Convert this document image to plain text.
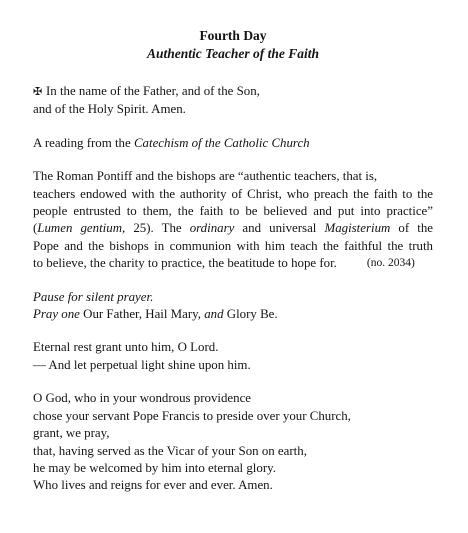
Fourth Day

Authentic Teacher of the Faith

✠ In the name of the Father, and of the Son,
and of the Holy Spirit. Amen.
A reading from the Catechism of the Catholic Church
The Roman Pontiff and the bishops are “authentic teachers, that is,
teachers endowed with the authority of Christ, who preach the faith to the
people entrusted to them, the faith to be believed and put into practice”
(Lumen gentium, 25). The ordinary and universal Magisterium of the
Pope and the bishops in communion with him teach the faithful the truth
to believe, the charity to practice, the beatitude to hope for.	(no. 2034)
Pause for silent prayer.
Pray one Our Father, Hail Mary, and Glory Be.
Eternal rest grant unto him, O Lord.
— And let perpetual light shine upon him.
O God, who in your wondrous providence
chose your servant Pope Francis to preside over your Church,
grant, we pray,
that, having served as the Vicar of your Son on earth,
he may be welcomed by him into eternal glory.
Who lives and reigns for ever and ever. Amen.
